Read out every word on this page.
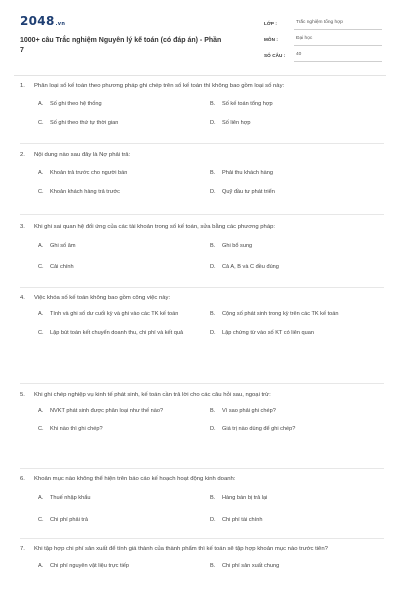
2048.vn
1000+ câu Trắc nghiệm Nguyên lý kế toán (có đáp án) - Phần 7
LỚP :	Trắc nghiệm tổng hợp
MÔN :	Đại học
SỐ CÂU :	40
1.	Phân loại số kế toán theo phương pháp ghi chép trên số kế toán thì không bao gồm loại số này:
A.	Số ghi theo hệ thống	B.	Số kế toán tổng hợp
C.	Số ghi theo thứ tự thời gian	D.	Số liên hợp
2.	Nội dung nào sau đây là Nợ phải trả:
A.	Khoản trả trước cho người bán	B.	Phải thu khách hàng
C.	Khoản khách hàng trả trước	D.	Quỹ đầu tư phát triển
3.	Khi ghi sai quan hệ đối ứng của các tài khoản trong số kế toán, sửa bằng các phương pháp:
A.	Ghi số âm	B.	Ghi bổ sung
C.	Cải chính	D.	Cả A, B và C đều đúng
4.	Việc khóa số kế toán không bao gồm công việc này:
A.	Tính và ghi số dư cuối kỳ và ghi vào các TK kế toán	B.	Cộng số phát sinh trong kỳ trên các TK kế toán
C.	Lập bút toán kết chuyển doanh thu, chi phí và kết quả	D.	Lập chứng từ vào số KT có liên quan
5.	Khi ghi chép nghiệp vụ kinh tế phát sinh, kế toán cần trả lời cho các câu hỏi sau, ngoại trừ:
A.	NVKT phát sinh được phân loại như thế nào?	B.	Vì sao phải ghi chép?
C.	Khi nào thì ghi chép?	D.	Giá trị nào dùng để ghi chép?
6.	Khoản mục nào không thể hiện trên báo cáo kế hoạch hoạt động kinh doanh:
A.	Thuế nhập khẩu	B.	Hàng bán bị trả lại
C.	Chi phí phải trả	D.	Chi phí tài chính
7.	Khi tập hợp chi phí sản xuất để tính giá thành của thành phẩm thì kế toán sẽ tập hợp khoản mục nào trước tiên?
A.	Chi phí nguyên vật liệu trực tiếp	B.	Chi phí sản xuất chung
